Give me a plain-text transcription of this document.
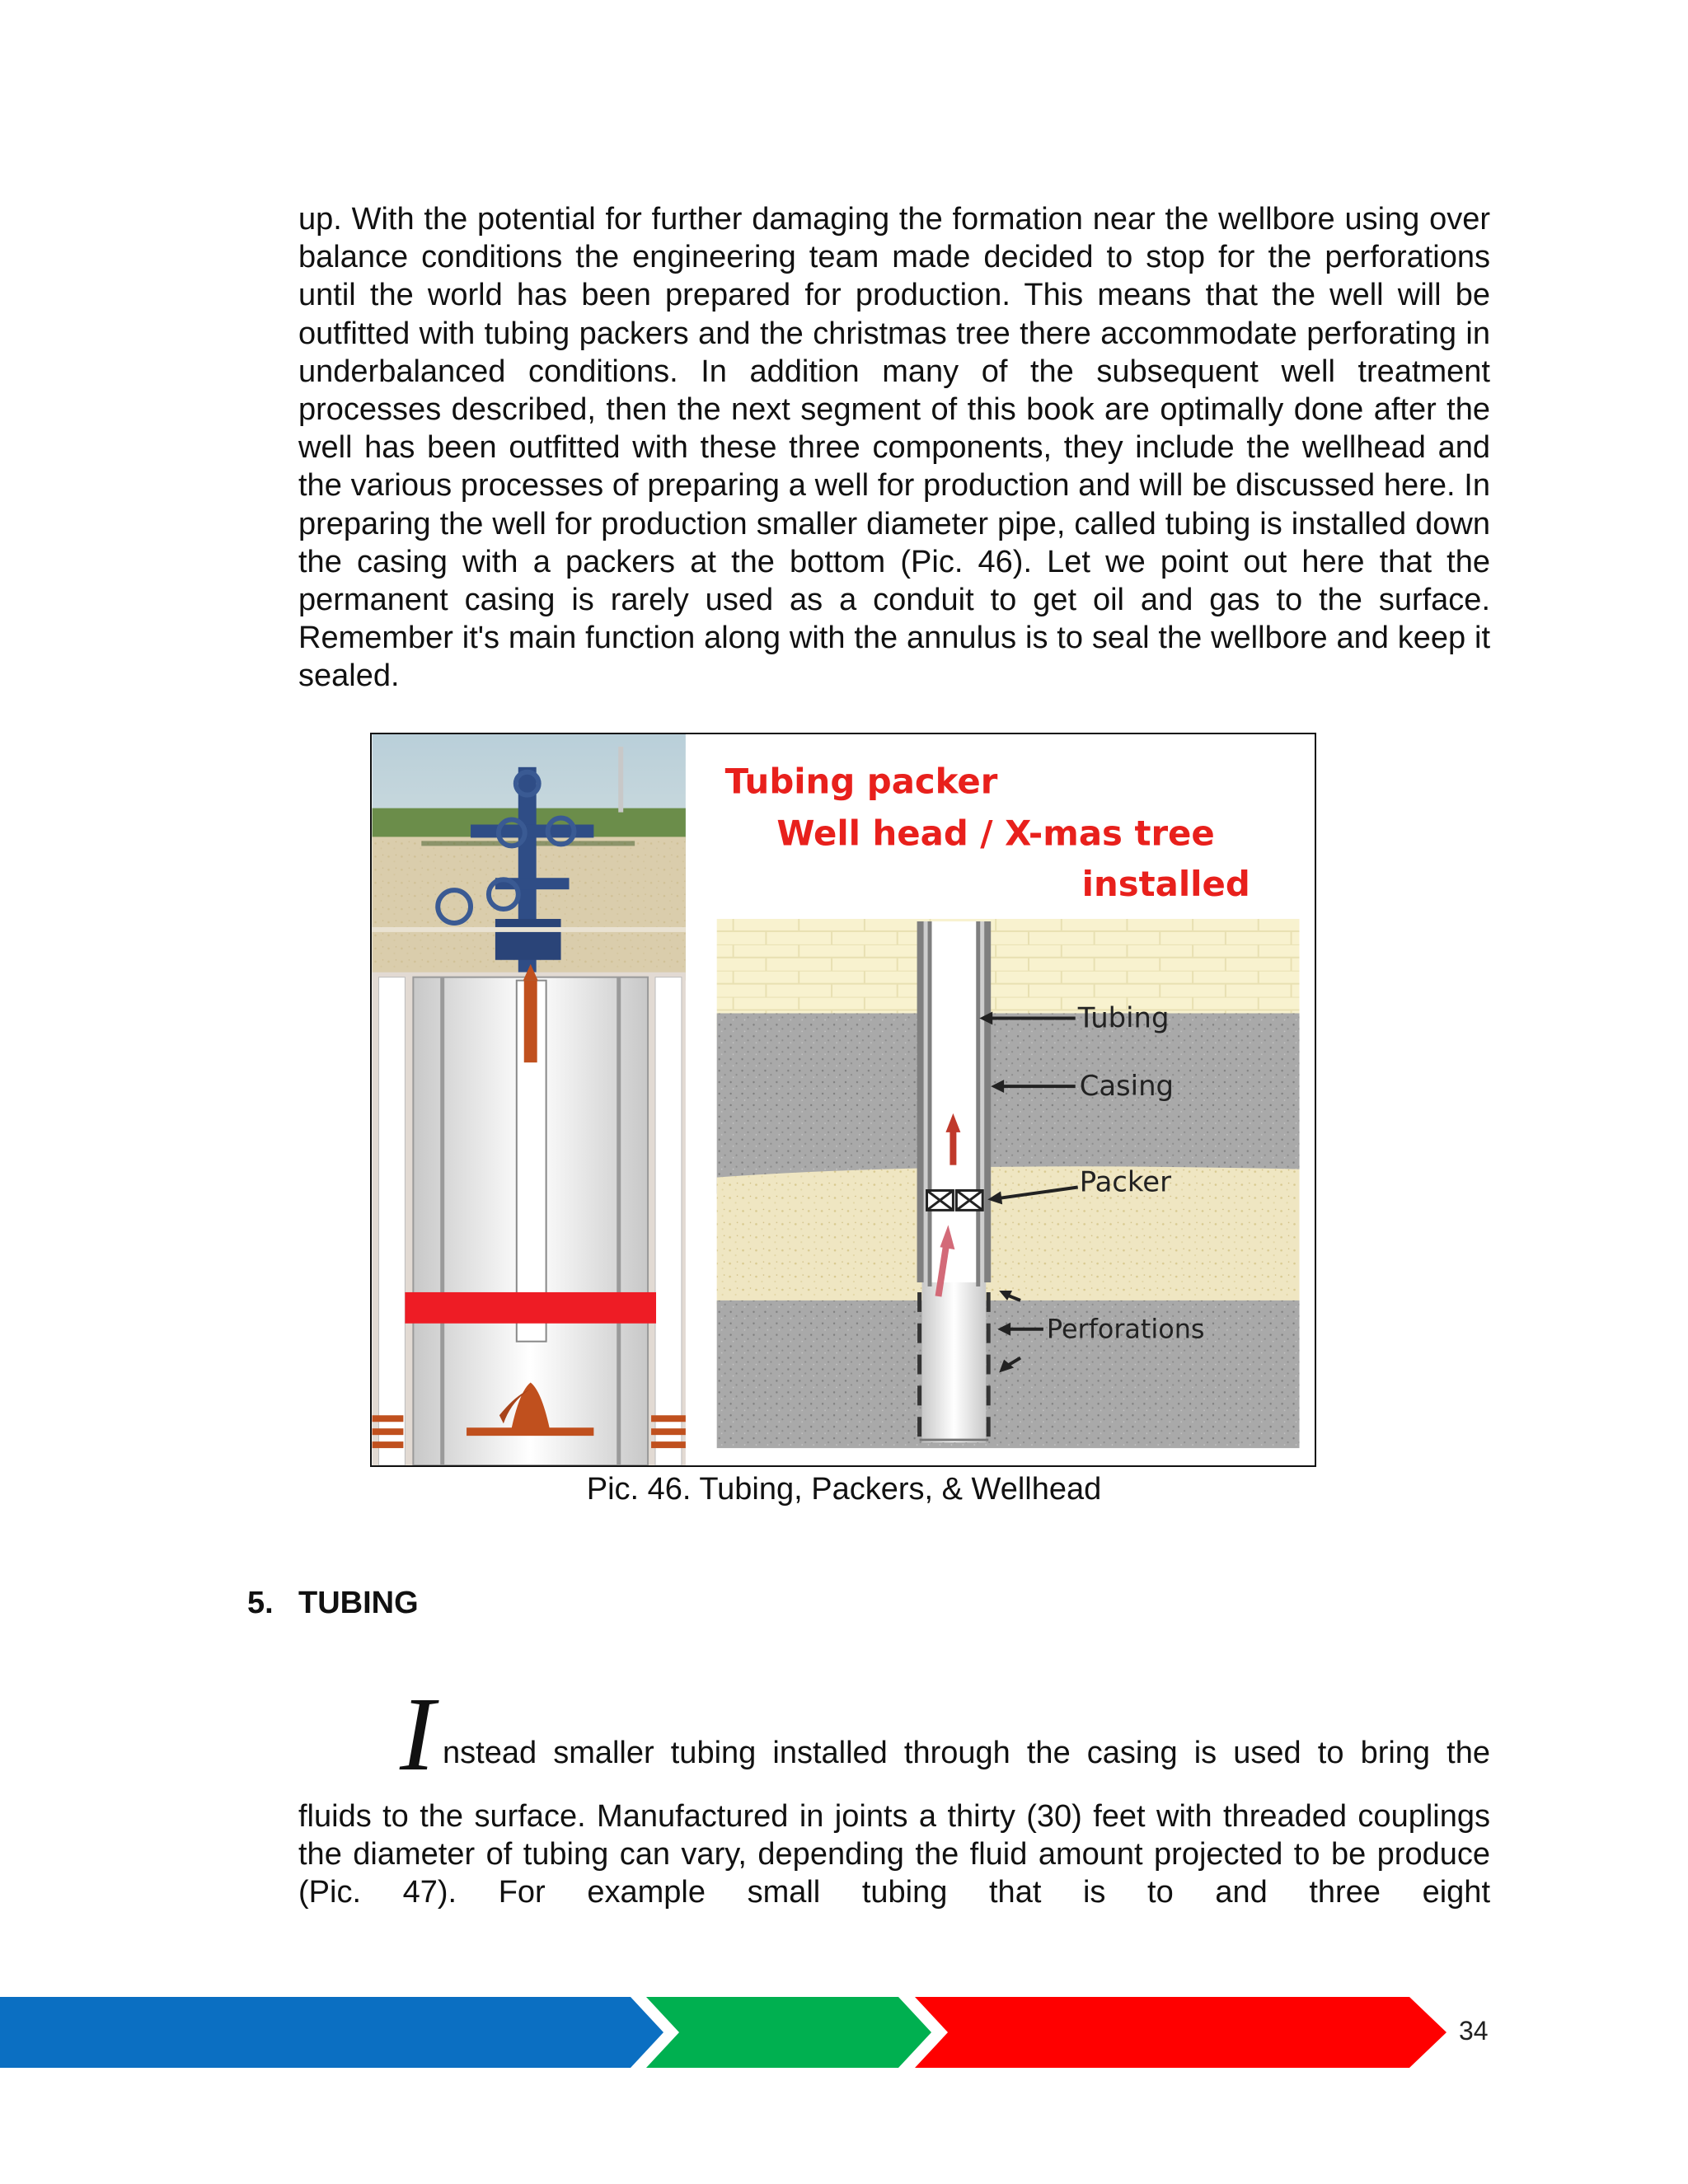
up. With the potential for further damaging the formation near the wellbore using over balance conditions the engineering team made decided to stop for the perforations until the world has been prepared for production. This means that the well will be outfitted with tubing packers and the christmas tree there accommodate perforating in underbalanced conditions. In addition many of the subsequent well treatment processes described, then the next segment of this book are optimally done after the well has been outfitted with these three components, they include the wellhead and the various processes of preparing a well for production and will be discussed here. In preparing the well for production smaller diameter pipe, called tubing is installed down the casing with a packers at the bottom (Pic. 46). Let we point out here that the permanent casing is rarely used as a conduit to get oil and gas to the surface. Remember it's main function along with the annulus is to seal the wellbore and keep it sealed.

Tubing packer
Well head / X-mas tree
installed
Tubing
Casing
Packer
Perforations
Pic. 46. Tubing, Packers, & Wellhead
5. TUBING
I nstead smaller tubing installed through the casing is used to bring the

fluids to the surface. Manufactured in joints a thirty (30) feet with threaded couplings the diameter of tubing can vary, depending the fluid amount projected to be produce (Pic. 47). For example small tubing that is to and three eight

34
